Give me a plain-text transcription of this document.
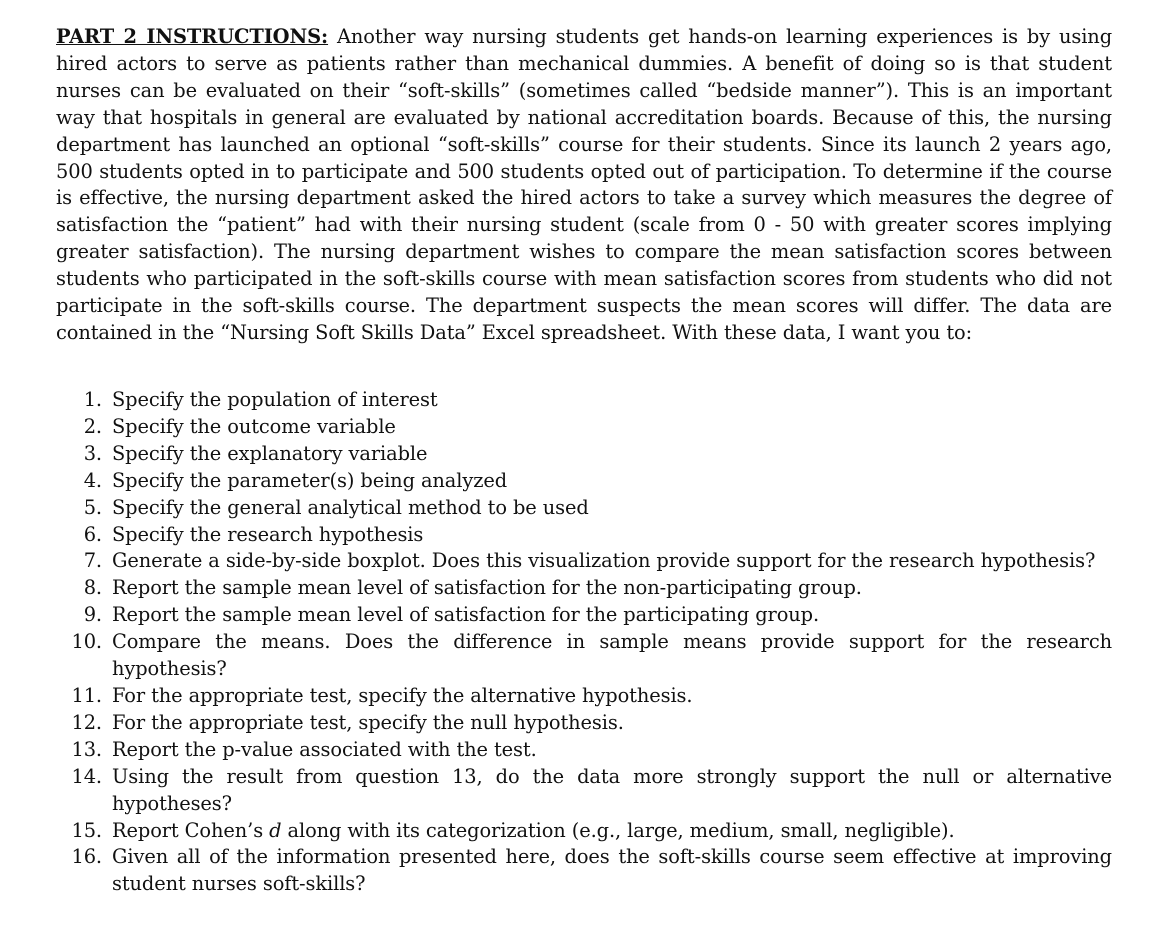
PART 2 INSTRUCTIONS: Another way nursing students get hands-on learning experiences is by using hired actors to serve as patients rather than mechanical dummies. A benefit of doing so is that student nurses can be evaluated on their “soft-skills” (sometimes called “bedside manner”). This is an important way that hospitals in general are evaluated by national accreditation boards. Because of this, the nursing department has launched an optional “soft-skills” course for their students. Since its launch 2 years ago, 500 students opted in to participate and 500 students opted out of participation. To determine if the course is effective, the nursing department asked the hired actors to take a survey which measures the degree of satisfaction the “patient” had with their nursing student (scale from 0 - 50 with greater scores implying greater satisfaction). The nursing department wishes to compare the mean satisfaction scores between students who participated in the soft-skills course with mean satisfaction scores from students who did not participate in the soft-skills course. The department suspects the mean scores will differ. The data are contained in the “Nursing Soft Skills Data” Excel spreadsheet. With these data, I want you to:

1. Specify the population of interest
2. Specify the outcome variable
3. Specify the explanatory variable
4. Specify the parameter(s) being analyzed
5. Specify the general analytical method to be used
6. Specify the research hypothesis
7. Generate a side-by-side boxplot. Does this visualization provide support for the research hypothesis?
8. Report the sample mean level of satisfaction for the non-participating group.
9. Report the sample mean level of satisfaction for the participating group.
10. Compare the means. Does the difference in sample means provide support for the research hypothesis?
11. For the appropriate test, specify the alternative hypothesis.
12. For the appropriate test, specify the null hypothesis.
13. Report the p-value associated with the test.
14. Using the result from question 13, do the data more strongly support the null or alternative hypotheses?
15. Report Cohen’s d along with its categorization (e.g., large, medium, small, negligible).
16. Given all of the information presented here, does the soft-skills course seem effective at improving student nurses soft-skills?
